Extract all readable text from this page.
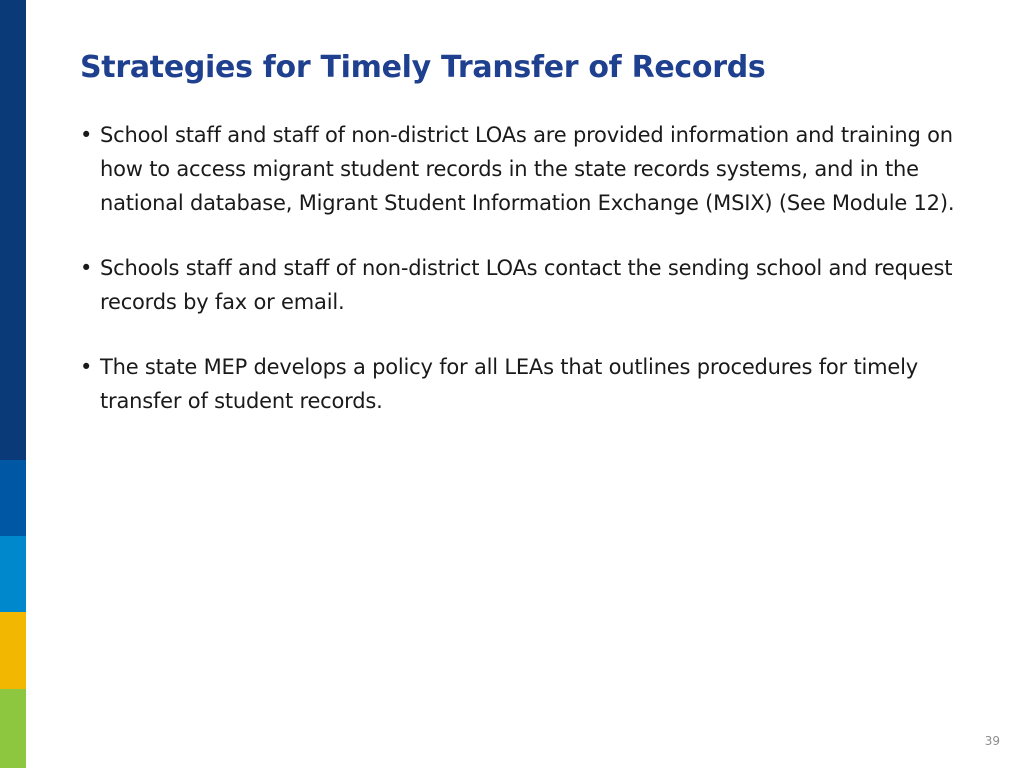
Strategies for Timely Transfer of Records
• School staff and staff of non-district LOAs are provided information and training on how to access migrant student records in the state records systems, and in the national database, Migrant Student Information Exchange (MSIX) (See Module 12).
• Schools staff and staff of non-district LOAs contact the sending school and request records by fax or email.
• The state MEP develops a policy for all LEAs that outlines procedures for timely transfer of student records.
39
